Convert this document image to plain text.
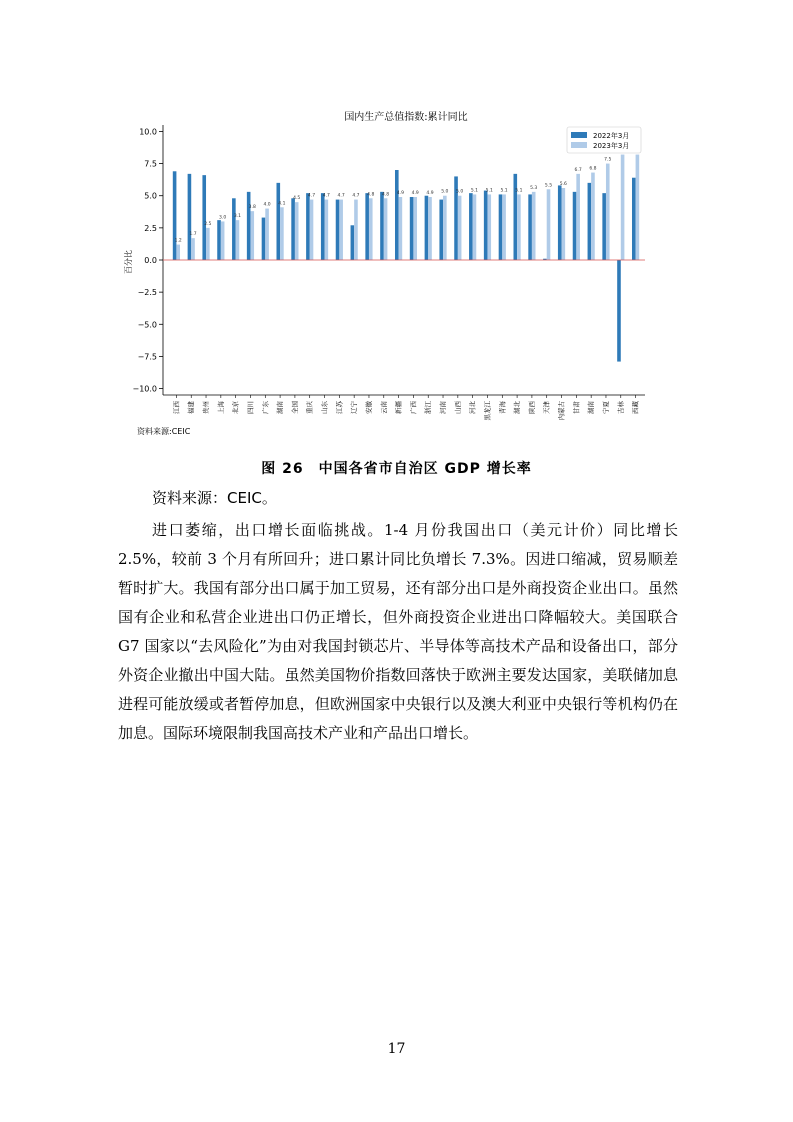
国内生产总值指数:累计同比
1.2
1.7
2.5
3.0 3.1
3.8
4.0 4.1
4.5
4.7 4.7 4.7 4.7 4.8 4.8 4.9 4.9 4.9 5.0 5.0 5.1 5.1 5.1 5.1
5.3
5.5 5.6
6.7 6.8
7.5
10.0
7.5
5.0
2.5
0.0
−2.5
−5.0
−7.5
−10.0
江西 福建 贵州 上海 北京 四川 广东 湖南 全国 重庆 山东 江苏 辽宁 安徽 云南 新疆 广西 浙江 河南 山西 河北 黑龙江 青海 湖北 陕西 天津 内蒙古 甘肃 湖南 宁夏 吉林 西藏
2022年3月
2023年3月
百分比
资料来源:CEIC
图 26　中国各省市自治区 GDP 增长率
资料来源：CEIC。

进口萎缩，出口增长面临挑战。1-4 月份我国出口（美元计价）同比增长 2.5%，较前 3 个月有所回升；进口累计同比负增长 7.3%。因进口缩减，贸易顺差暂时扩大。我国有部分出口属于加工贸易，还有部分出口是外商投资企业出口。虽然国有企业和私营企业进出口仍正增长，但外商投资企业进出口降幅较大。美国联合 G7 国家以“去风险化”为由对我国封锁芯片、半导体等高技术产品和设备出口，部分外资企业撤出中国大陆。虽然美国物价指数回落快于欧洲主要发达国家，美联储加息进程可能放缓或者暂停加息，但欧洲国家中央银行以及澳大利亚中央银行等机构仍在加息。国际环境限制我国高技术产业和产品出口增长。

17
